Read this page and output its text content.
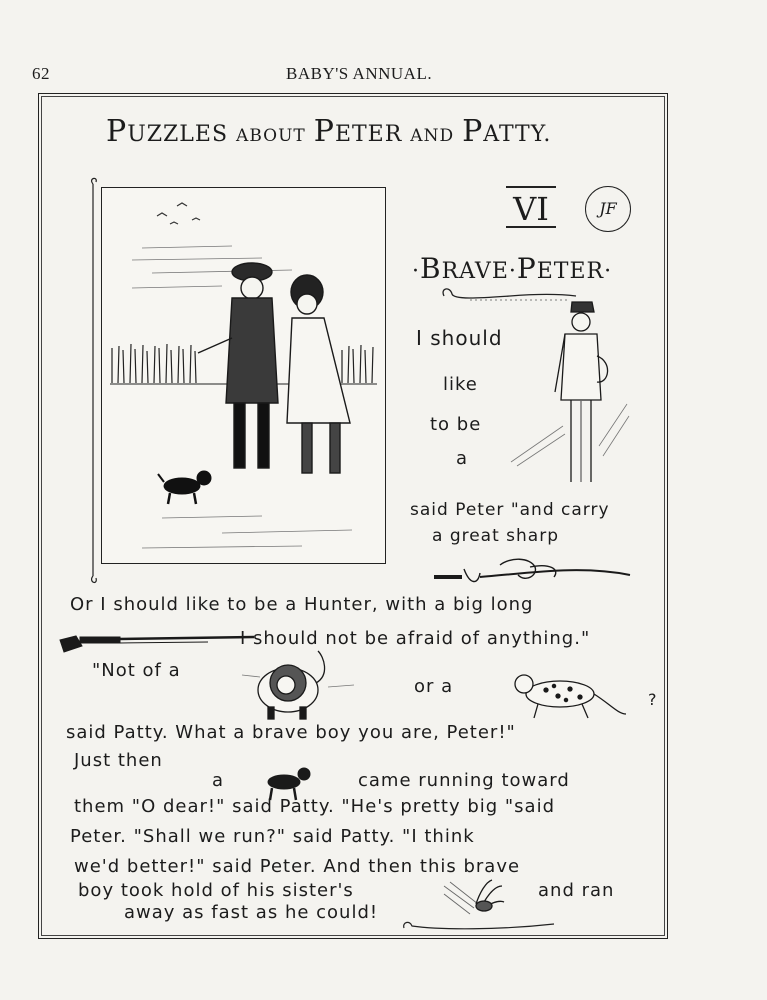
62	BABY'S ANNUAL.
PUZZLES ABOUT PETER AND PATTY.
VI	JF
·BRAVE·PETER·
I should
like
to be
a
said Peter "and carry
a great sharp
Or I should like to be a Hunter, with a big long
I should not be afraid of anything."
"Not of a
or a
?
said Patty. What a brave boy you are, Peter!"
Just then
a	came running toward
them "O dear!" said Patty. "He's pretty big "said
Peter. "Shall we run?" said Patty. "I think
we'd better!" said Peter. And then this brave
boy took hold of his sister's	and ran
away as fast as he could!
